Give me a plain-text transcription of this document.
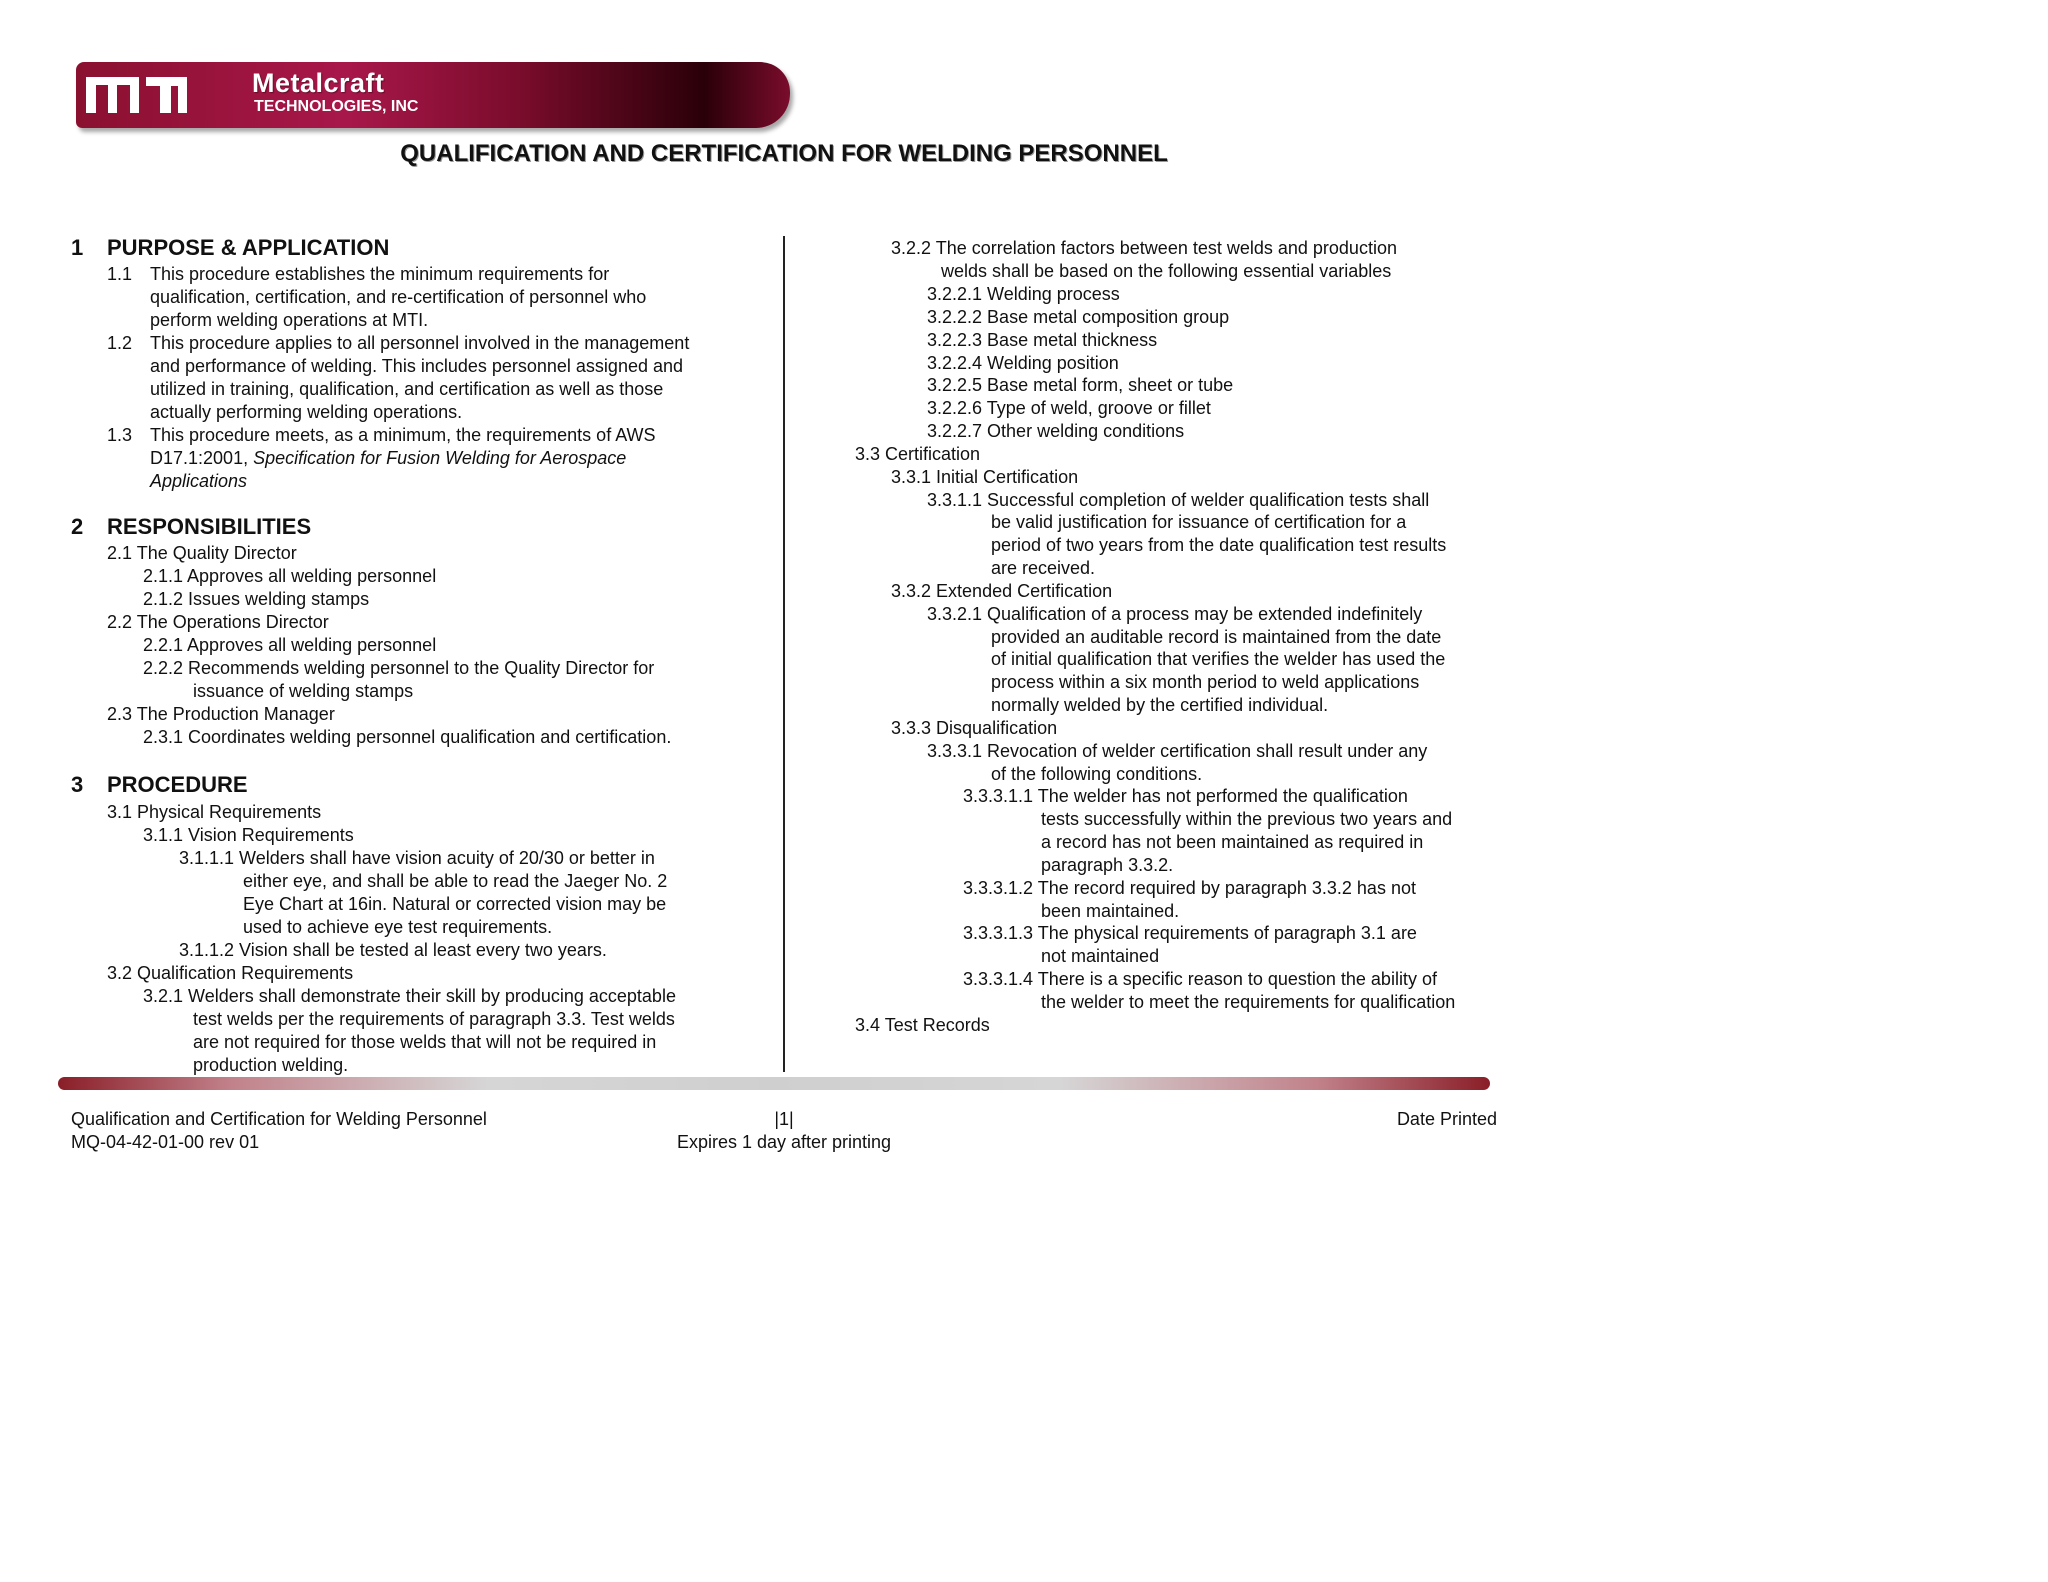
Metalcraft
TECHNOLOGIES, INC
QUALIFICATION AND CERTIFICATION FOR WELDING PERSONNEL
1 PURPOSE & APPLICATION
1.1 This procedure establishes the minimum requirements for
qualification, certification, and re-certification of personnel who
perform welding operations at MTI.
1.2 This procedure applies to all personnel involved in the management
and performance of welding. This includes personnel assigned and
utilized in training, qualification, and certification as well as those
actually performing welding operations.
1.3 This procedure meets, as a minimum, the requirements of AWS
D17.1:2001, Specification for Fusion Welding for Aerospace
Applications
2 RESPONSIBILITIES
2.1 The Quality Director
2.1.1 Approves all welding personnel
2.1.2 Issues welding stamps
2.2 The Operations Director
2.2.1 Approves all welding personnel
2.2.2 Recommends welding personnel to the Quality Director for
issuance of welding stamps
2.3 The Production Manager
2.3.1 Coordinates welding personnel qualification and certification.
3 PROCEDURE
3.1 Physical Requirements
3.1.1 Vision Requirements
3.1.1.1 Welders shall have vision acuity of 20/30 or better in
either eye, and shall be able to read the Jaeger No. 2
Eye Chart at 16in. Natural or corrected vision may be
used to achieve eye test requirements.
3.1.1.2 Vision shall be tested al least every two years.
3.2 Qualification Requirements
3.2.1 Welders shall demonstrate their skill by producing acceptable
test welds per the requirements of paragraph 3.3. Test welds
are not required for those welds that will not be required in
production welding.
3.2.2 The correlation factors between test welds and production
welds shall be based on the following essential variables
3.2.2.1 Welding process
3.2.2.2 Base metal composition group
3.2.2.3 Base metal thickness
3.2.2.4 Welding position
3.2.2.5 Base metal form, sheet or tube
3.2.2.6 Type of weld, groove or fillet
3.2.2.7 Other welding conditions
3.3 Certification
3.3.1 Initial Certification
3.3.1.1 Successful completion of welder qualification tests shall
be valid justification for issuance of certification for a
period of two years from the date qualification test results
are received.
3.3.2 Extended Certification
3.3.2.1 Qualification of a process may be extended indefinitely
provided an auditable record is maintained from the date
of initial qualification that verifies the welder has used the
process within a six month period to weld applications
normally welded by the certified individual.
3.3.3 Disqualification
3.3.3.1 Revocation of welder certification shall result under any
of the following conditions.
3.3.3.1.1 The welder has not performed the qualification
tests successfully within the previous two years and
a record has not been maintained as required in
paragraph 3.3.2.
3.3.3.1.2 The record required by paragraph 3.3.2 has not
been maintained.
3.3.3.1.3 The physical requirements of paragraph 3.1 are
not maintained
3.3.3.1.4 There is a specific reason to question the ability of
the welder to meet the requirements for qualification
3.4 Test Records
Qualification and Certification for Welding Personnel
MQ-04-42-01-00 rev 01
|1|
Expires 1 day after printing
Date Printed
